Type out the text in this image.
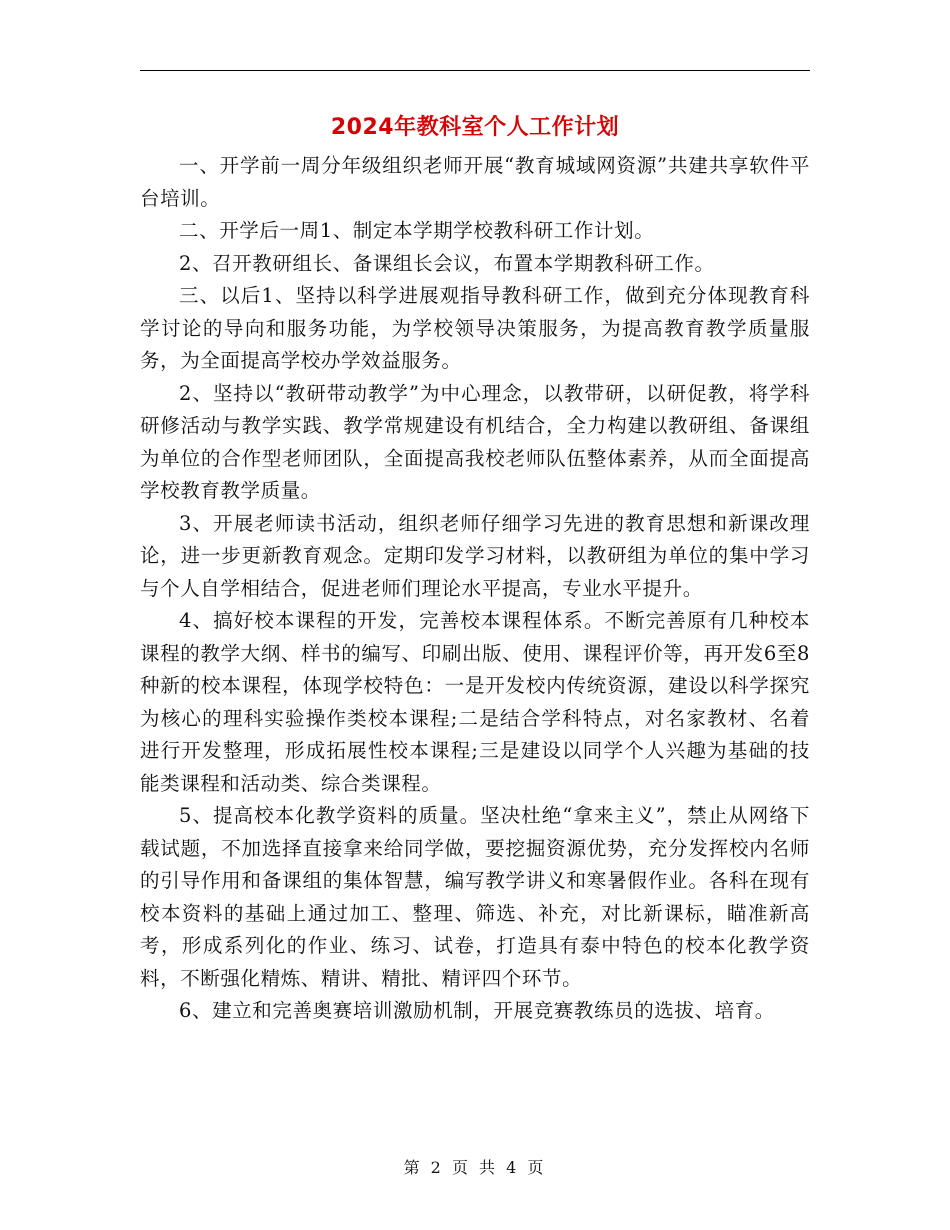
2024年教科室个人工作计划

一、开学前一周分年级组织老师开展“教育城域网资源”共建共享软件平台培训。

二、开学后一周1、制定本学期学校教科研工作计划。

2、召开教研组长、备课组长会议，布置本学期教科研工作。

三、以后1、坚持以科学进展观指导教科研工作，做到充分体现教育科学讨论的导向和服务功能，为学校领导决策服务，为提高教育教学质量服务，为全面提高学校办学效益服务。

2、坚持以“教研带动教学”为中心理念，以教带研，以研促教，将学科研修活动与教学实践、教学常规建设有机结合，全力构建以教研组、备课组为单位的合作型老师团队，全面提高我校老师队伍整体素养，从而全面提高学校教育教学质量。

3、开展老师读书活动，组织老师仔细学习先进的教育思想和新课改理论，进一步更新教育观念。定期印发学习材料，以教研组为单位的集中学习与个人自学相结合，促进老师们理论水平提高，专业水平提升。

4、搞好校本课程的开发，完善校本课程体系。不断完善原有几种校本课程的教学大纲、样书的编写、印刷出版、使用、课程评价等，再开发6至8种新的校本课程，体现学校特色：一是开发校内传统资源，建设以科学探究为核心的理科实验操作类校本课程;二是结合学科特点，对名家教材、名着进行开发整理，形成拓展性校本课程;三是建设以同学个人兴趣为基础的技能类课程和活动类、综合类课程。

5、提高校本化教学资料的质量。坚决杜绝“拿来主义”，禁止从网络下载试题，不加选择直接拿来给同学做，要挖掘资源优势，充分发挥校内名师的引导作用和备课组的集体智慧，编写教学讲义和寒暑假作业。各科在现有校本资料的基础上通过加工、整理、筛选、补充，对比新课标，瞄准新高考，形成系列化的作业、练习、试卷，打造具有泰中特色的校本化教学资料，不断强化精炼、精讲、精批、精评四个环节。

6、建立和完善奥赛培训激励机制，开展竞赛教练员的选拔、培育。

第 2 页 共 4 页
